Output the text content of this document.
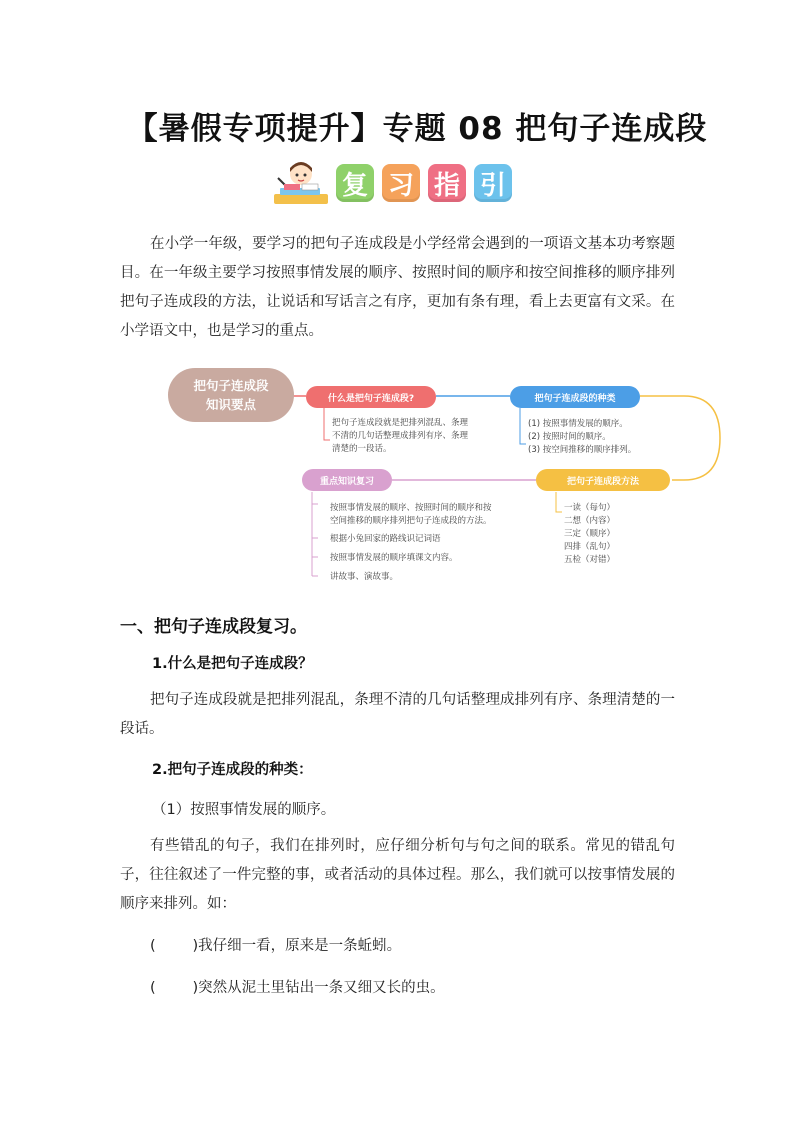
【暑假专项提升】专题 08 把句子连成段
复 习 指 引
在小学一年级，要学习的把句子连成段是小学经常会遇到的一项语文基本功考察题目。在一年级主要学习按照事情发展的顺序、按照时间的顺序和按空间推移的顺序排列把句子连成段的方法，让说话和写话言之有序，更加有条有理，看上去更富有文采。在小学语文中，也是学习的重点。
把句子连成段
知识要点	什么是把句子连成段?
把句子连成段就是把排列混乱、条理
不清的几句话整理成排列有序、条理
清楚的一段话。
把句子连成段的种类
(1) 按照事情发展的顺序。
(2) 按照时间的顺序。
(3) 按空间推移的顺序排列。
重点知识复习
按照事情发展的顺序、按照时间的顺序和按
空间推移的顺序排列把句子连成段的方法。
根据小兔回家的路线识记词语
按照事情发展的顺序填课文内容。
讲故事、演故事。
把句子连成段方法
一读（每句）
二想（内容）
三定（顺序）
四排（乱句）
五检（对错）
一、把句子连成段复习。
1.什么是把句子连成段？
把句子连成段就是把排列混乱，条理不清的几句话整理成排列有序、条理清楚的一段话。
2.把句子连成段的种类：
（1）按照事情发展的顺序。
有些错乱的句子，我们在排列时，应仔细分析句与句之间的联系。常见的错乱句子，往往叙述了一件完整的事，或者活动的具体过程。那么，我们就可以按事情发展的顺序来排列。如：
(        )我仔细一看，原来是一条蚯蚓。
(        )突然从泥土里钻出一条又细又长的虫。
